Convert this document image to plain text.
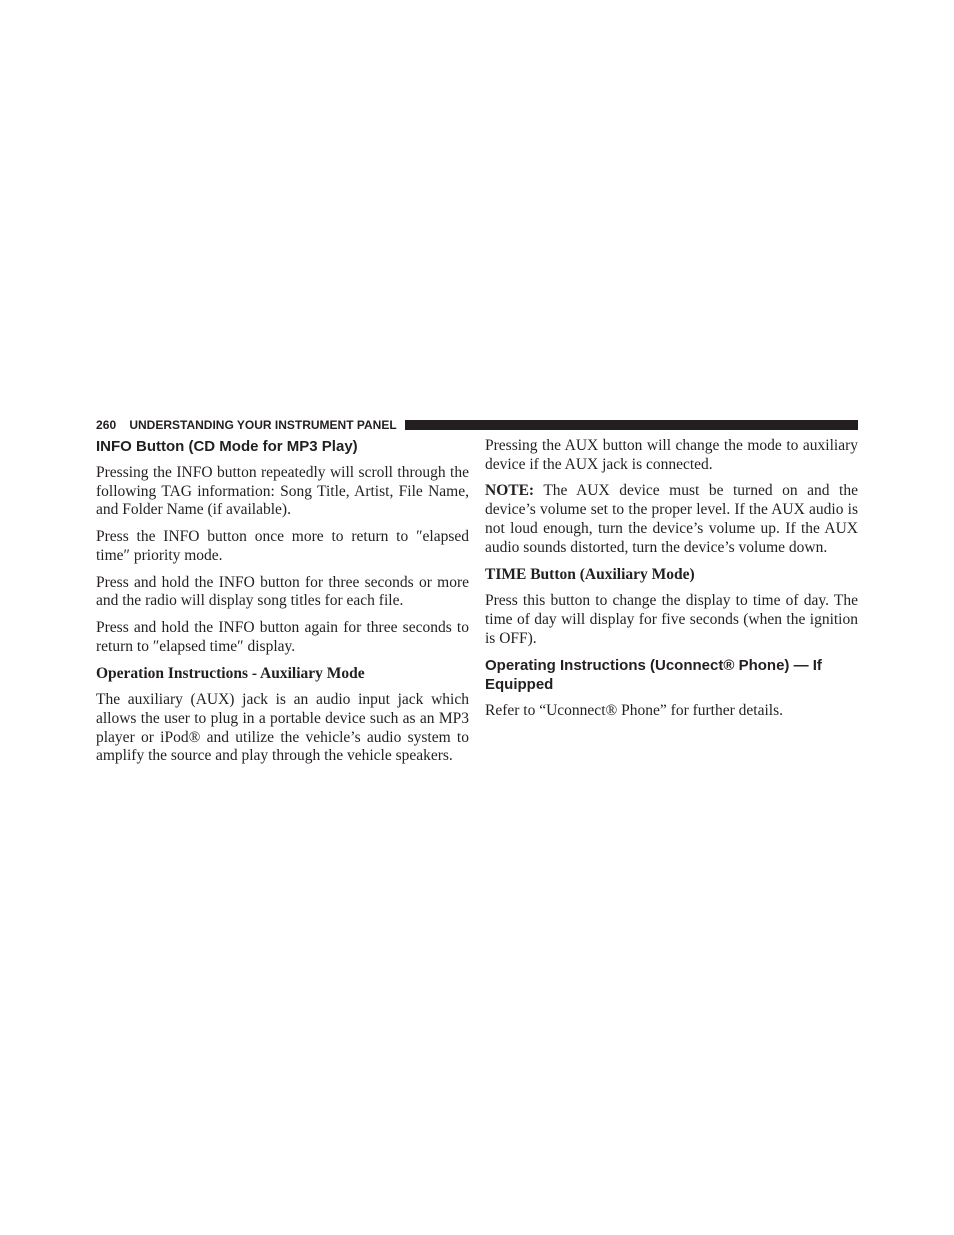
260 UNDERSTANDING YOUR INSTRUMENT PANEL
INFO Button (CD Mode for MP3 Play)

Pressing the INFO button repeatedly will scroll through the following TAG information: Song Title, Artist, File Name, and Folder Name (if available).

Press the INFO button once more to return to ″elapsed time″ priority mode.

Press and hold the INFO button for three seconds or more and the radio will display song titles for each file.

Press and hold the INFO button again for three seconds to return to ″elapsed time″ display.

Operation Instructions - Auxiliary Mode

The auxiliary (AUX) jack is an audio input jack which allows the user to plug in a portable device such as an MP3 player or iPod® and utilize the vehicle’s audio system to amplify the source and play through the vehicle speakers.

Pressing the AUX button will change the mode to auxiliary device if the AUX jack is connected.

NOTE: The AUX device must be turned on and the device’s volume set to the proper level. If the AUX audio is not loud enough, turn the device’s volume up. If the AUX audio sounds distorted, turn the device’s volume down.

TIME Button (Auxiliary Mode)

Press this button to change the display to time of day. The time of day will display for five seconds (when the ignition is OFF).

Operating Instructions (Uconnect® Phone) — If Equipped

Refer to “Uconnect® Phone” for further details.
